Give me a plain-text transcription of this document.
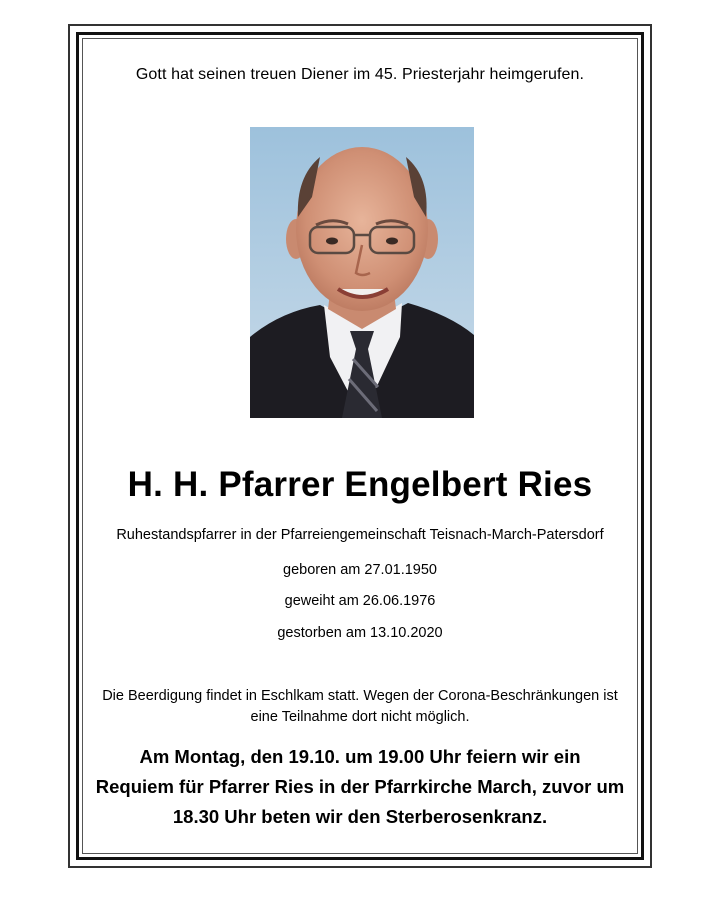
Gott hat seinen treuen Diener im 45. Priesterjahr heimgerufen.
H. H. Pfarrer Engelbert Ries
Ruhestandspfarrer in der Pfarreiengemeinschaft Teisnach-March-Patersdorf
geboren am 27.01.1950
geweiht am 26.06.1976
gestorben am 13.10.2020
Die Beerdigung findet in Eschlkam statt. Wegen der Corona-Beschränkungen ist
eine Teilnahme dort nicht möglich.
Am Montag, den 19.10. um 19.00 Uhr feiern wir ein
Requiem für Pfarrer Ries in der Pfarrkirche March, zuvor um
18.30 Uhr beten wir den Sterberosenkranz.
